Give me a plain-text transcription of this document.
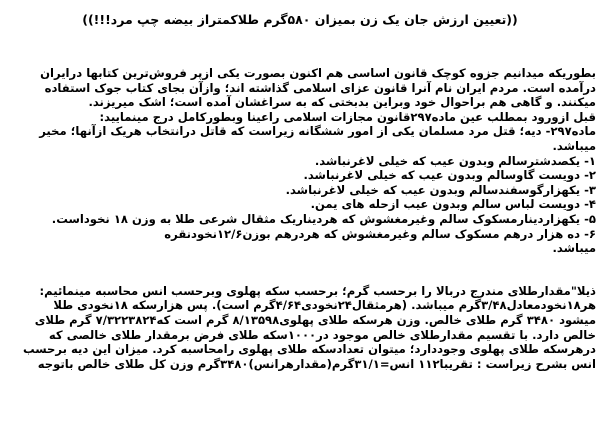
((تعیین ارزش جان یک زن بمیزان ۵۸۰گرم طلاکمتراز بیضه چپ مرد!!!))
بطوریکه میدانیم جزوه کوچک قانون اساسی هم اکنون بصورت یکی ازپر فروش‌ترین کتابها درایران
درآمده است. مردم ایران نام آنرا قانون عزای اسلامی گذاشته اند؛ وازآن بجای کتاب جوک استفاده
میکنند. و گاهی هم براحوال خود وبراین بدبختی که به سراغشان آمده است؛ اشک میریزند.
قبل ازورود بمطلب عین ماده۲۹۷قانون مجازات اسلامی راعینا وبطورکامل درج مینمایید:
ماده۲۹۷- دیه؛ قتل مرد مسلمان یکی از امور ششگانه زیراست که قاتل درانتخاب هریک ازآنها؛ مخیر
میباشد.
۱- یکصدشترسالم وبدون عیب که خیلی لاغرنباشد.
۲- دویست گاوسالم وبدون عیب که خیلی لاغرنباشد.
۳- یکهزارگوسفندسالم وبدون عیب که خیلی لاغرنباشد.
۴- دویست لباس سالم وبدون عیب ازحله های یمن.
۵- یکهزاردینارمسکوک سالم وغیرمغشوش که هردیناریک مثقال شرعی طلا به وزن ۱۸ نخوداست.
۶- ده هزار درهم مسکوک سالم وغیرمغشوش که هردرهم بوزن۱۲/۶نخودنقره
میباشد.
ذیلا"مقدارطلای مندرج دربالا را برحسب گرم؛ برحسب سکه پهلوی وبرحسب انس محاسبه مینمائیم:
هر۱۸نخودمعادل۳/۴۸گرم میباشد. (هرمثقال۲۴نخودی۴/۶۴گرم است). پس هزارسکه ۱۸نخودی طلا
میشود ۳۴۸۰ گرم طلای خالص. وزن هرسکه طلای پهلوی۸/۱۳۵۹۸ گرم است که۷/۳۲۲۳۸۲۴ گرم طلای
خالص دارد. با تقسیم مقدارطلای خالص موجود در۱۰۰۰سکه طلای فرض برمقدار طلای خالصی که
درهرسکه طلای پهلوی وجوددارد؛ میتوان تعدادسکه طلای پهلوی رامحاسبه کرد. میزان این دیه برحسب
انس بشرح زیراست : تقریبا۱۱۲ انس=۳۱/۱گرم(مقدارهرانس)۳۴۸۰گرم وزن کل طلای خالص باتوجه
